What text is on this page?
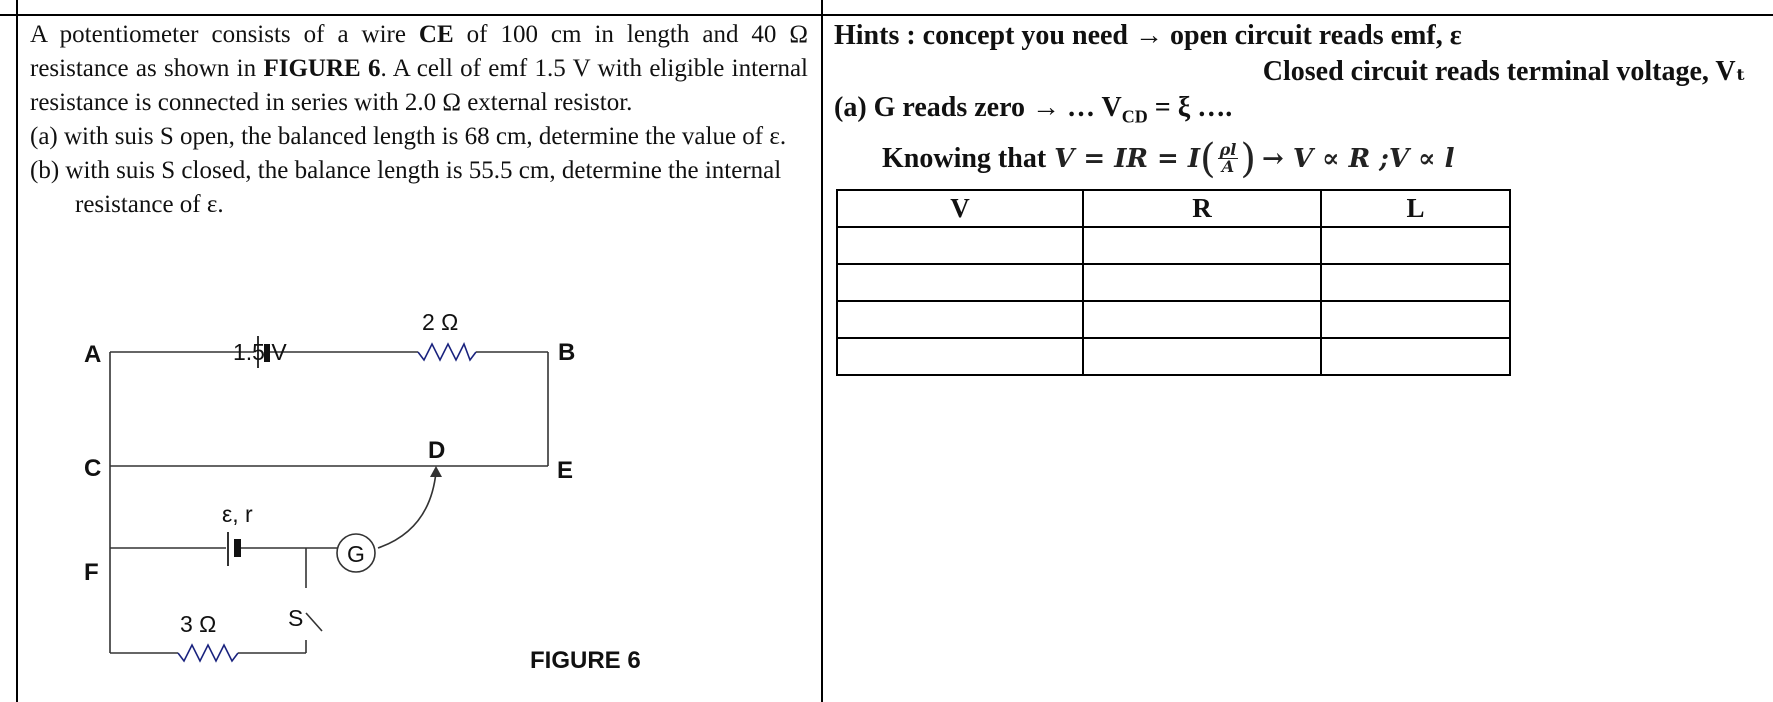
A potentiometer consists of a wire CE of 100 cm in length and 40 Ω resistance as shown in FIGURE 6. A cell of emf 1.5 V with eligible internal resistance is connected in series with 2.0 Ω external resistor.
(a) with suis S open, the balanced length is 68 cm, determine the value of ε.
(b) with suis S closed, the balance length is 55.5 cm, determine the internal resistance of ε.
1.5 V
2 Ω
ε, r
G
3 Ω	S
A	B
C
D
E
F
FIGURE 6
Hints : concept you need → open circuit reads emf, ε
Closed circuit reads terminal voltage, Vₜ
(a) G reads zero → … $V_{CD} = \xi$ ….
Knowing that V = IR = I ( $\frac{\rho l}{A}$ ) → V ∝ R ;V ∝ l
V	R	L
